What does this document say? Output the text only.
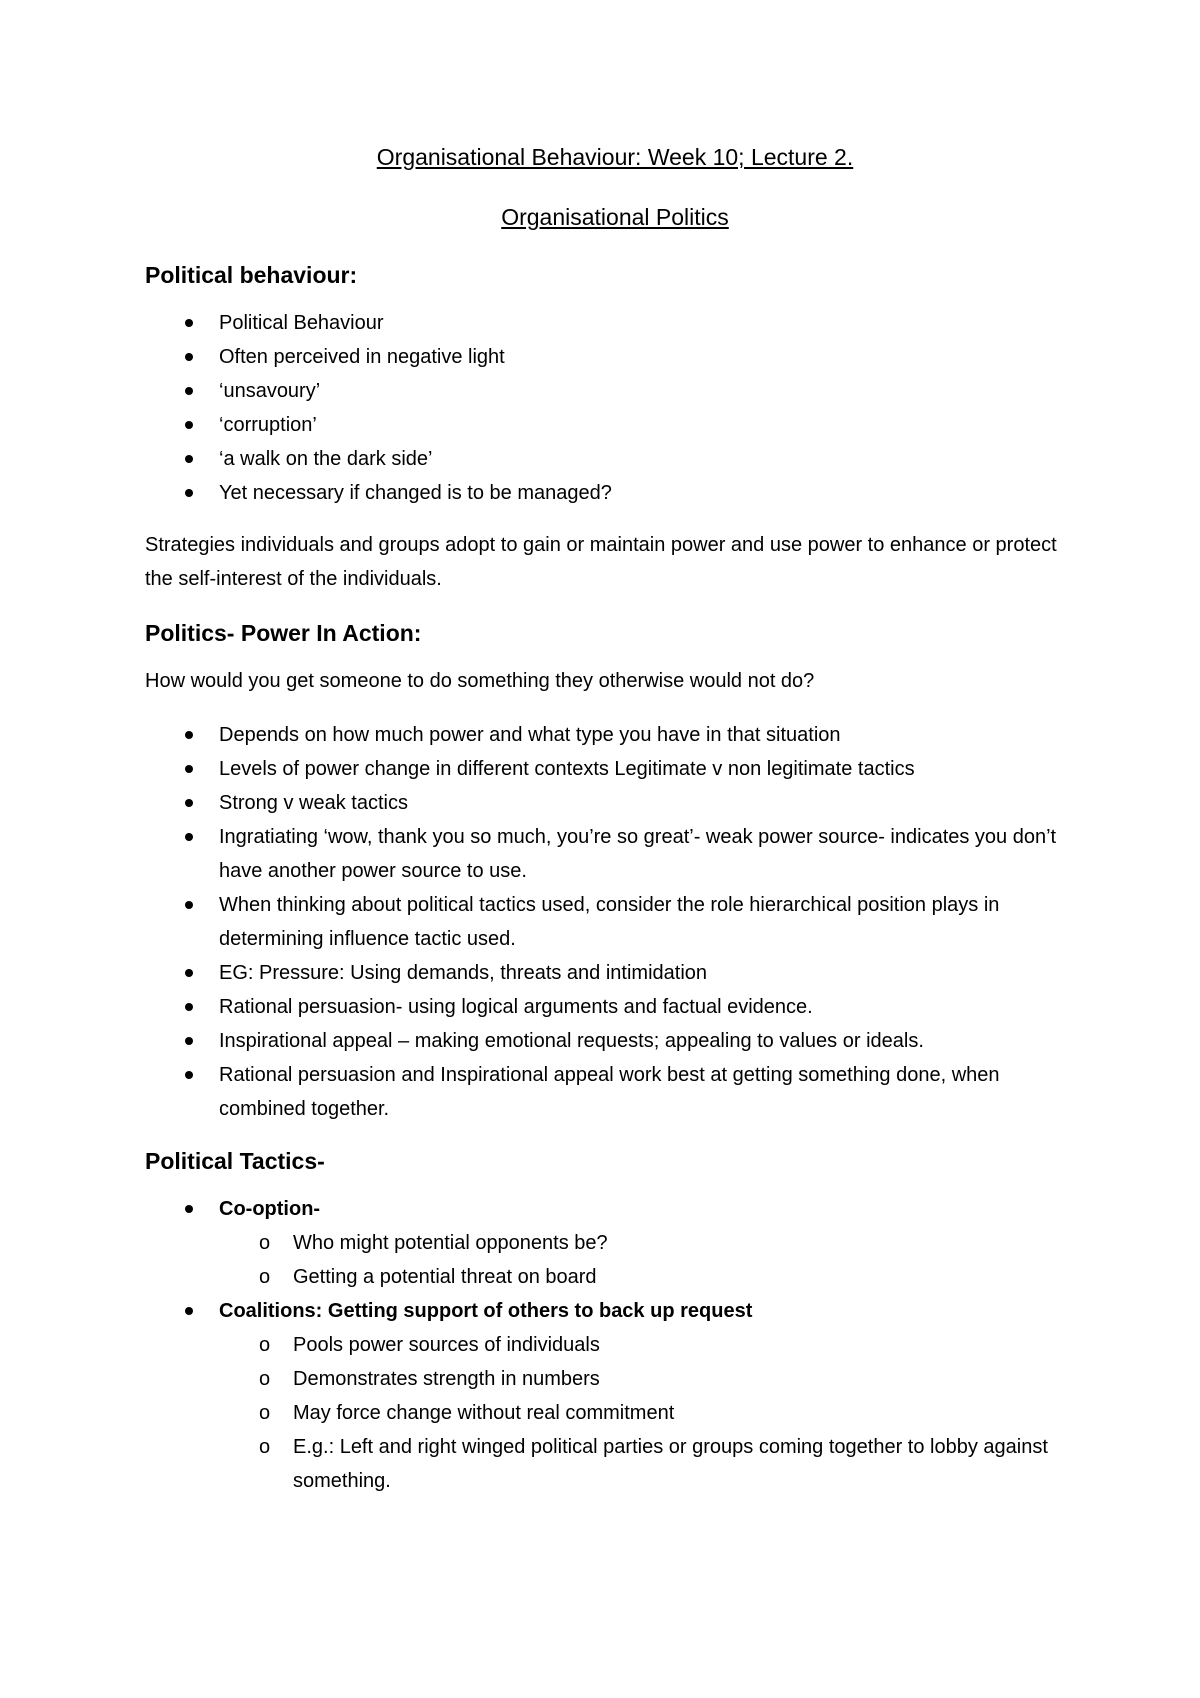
Organisational Behaviour: Week 10; Lecture 2.

Organisational Politics

Political behaviour:

Political Behaviour
Often perceived in negative light
‘unsavoury’
‘corruption’
‘a walk on the dark side’
Yet necessary if changed is to be managed?

Strategies individuals and groups adopt to gain or maintain power and use power to enhance or protect the self-interest of the individuals.

Politics- Power In Action:

How would you get someone to do something they otherwise would not do?

Depends on how much power and what type you have in that situation
Levels of power change in different contexts Legitimate v non legitimate tactics
Strong v weak tactics
Ingratiating ‘wow, thank you so much, you’re so great’- weak power source- indicates you don’t have another power source to use.
When thinking about political tactics used, consider the role hierarchical position plays in determining influence tactic used.
EG: Pressure: Using demands, threats and intimidation
Rational persuasion- using logical arguments and factual evidence.
Inspirational appeal – making emotional requests; appealing to values or ideals.
Rational persuasion and Inspirational appeal work best at getting something done, when combined together.

Political Tactics-

Co-option-
o Who might potential opponents be?
o Getting a potential threat on board
Coalitions: Getting support of others to back up request
o Pools power sources of individuals
o Demonstrates strength in numbers
o May force change without real commitment
o E.g.: Left and right winged political parties or groups coming together to lobby against something.
